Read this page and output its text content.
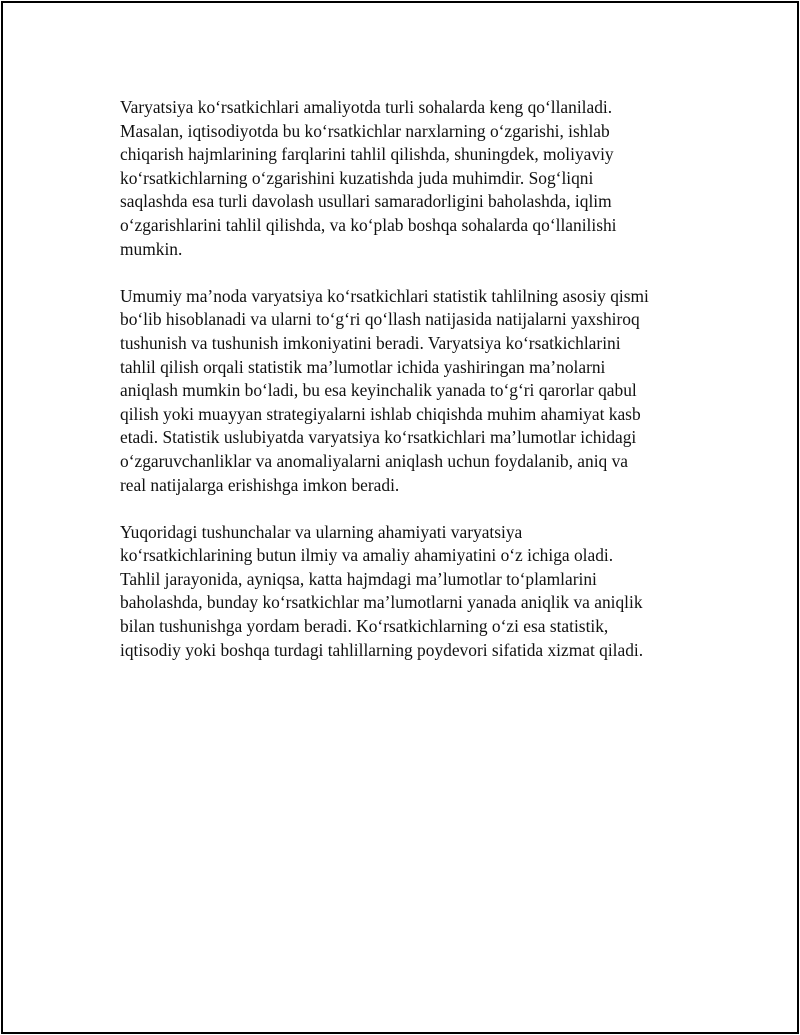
Varyatsiya ko‘rsatkichlari amaliyotda turli sohalarda keng qo‘llaniladi.
Masalan, iqtisodiyotda bu ko‘rsatkichlar narxlarning o‘zgarishi, ishlab
chiqarish hajmlarining farqlarini tahlil qilishda, shuningdek, moliyaviy
ko‘rsatkichlarning o‘zgarishini kuzatishda juda muhimdir. Sog‘liqni
saqlashda esa turli davolash usullari samaradorligini baholashda, iqlim
o‘zgarishlarini tahlil qilishda, va ko‘plab boshqa sohalarda qo‘llanilishi
mumkin.

Umumiy ma’noda varyatsiya ko‘rsatkichlari statistik tahlilning asosiy qismi
bo‘lib hisoblanadi va ularni to‘g‘ri qo‘llash natijasida natijalarni yaxshiroq
tushunish va tushunish imkoniyatini beradi. Varyatsiya ko‘rsatkichlarini
tahlil qilish orqali statistik ma’lumotlar ichida yashiringan ma’nolarni
aniqlash mumkin bo‘ladi, bu esa keyinchalik yanada to‘g‘ri qarorlar qabul
qilish yoki muayyan strategiyalarni ishlab chiqishda muhim ahamiyat kasb
etadi. Statistik uslubiyatda varyatsiya ko‘rsatkichlari ma’lumotlar ichidagi
o‘zgaruvchanliklar va anomaliyalarni aniqlash uchun foydalanib, aniq va
real natijalarga erishishga imkon beradi.

Yuqoridagi tushunchalar va ularning ahamiyati varyatsiya
ko‘rsatkichlarining butun ilmiy va amaliy ahamiyatini o‘z ichiga oladi.
Tahlil jarayonida, ayniqsa, katta hajmdagi ma’lumotlar to‘plamlarini
baholashda, bunday ko‘rsatkichlar ma’lumotlarni yanada aniqlik va aniqlik
bilan tushunishga yordam beradi. Ko‘rsatkichlarning o‘zi esa statistik,
iqtisodiy yoki boshqa turdagi tahlillarning poydevori sifatida xizmat qiladi.
